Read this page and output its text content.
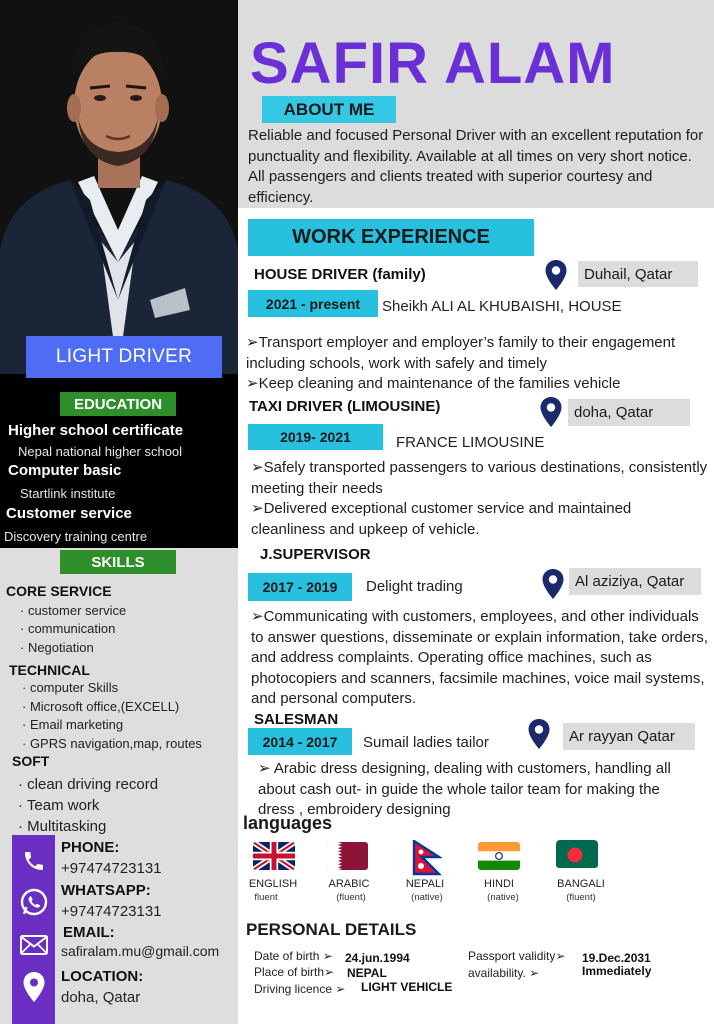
LIGHT DRIVER
EDUCATION
Higher school certificate
Nepal national higher school
Computer basic
Startlink institute
Customer service
Discovery training centre
SKILLS
CORE SERVICE
· customer service
· communication
· Negotiation
TECHNICAL
· computer Skills
· Microsoft office,(EXCELL)
· Email marketing
· GPRS navigation,map, routes
SOFT
· clean driving record
· Team work
· Multitasking
PHONE:
+97474723131
WHATSAPP:
+97474723131
EMAIL:
safiralam.mu@gmail.com
LOCATION:
doha, Qatar
SAFIR ALAM
ABOUT ME
Reliable and focused Personal Driver with an excellent reputation for punctuality and flexibility. Available at all times on very short notice. All passengers and clients treated with superior courtesy and efficiency.
WORK EXPERIENCE
HOUSE DRIVER (family)	Duhail, Qatar
2021 - present	Sheikh ALI AL KHUBAISHI, HOUSE
➢Transport employer and employer’s family to their engagement including schools, work with safely and timely
➢Keep cleaning and maintenance of the families vehicle
TAXI DRIVER (LIMOUSINE)	doha, Qatar
2019- 2021	FRANCE LIMOUSINE
➢Safely transported passengers to various destinations, consistently meeting their needs
➢Delivered exceptional customer service and maintained cleanliness and upkeep of vehicle.
J.SUPERVISOR
Al aziziya, Qatar
2017 - 2019	Delight trading
➢Communicating with customers, employees, and other individuals to answer questions, disseminate or explain information, take orders, and address complaints. Operating office machines, such as photocopiers and scanners, facsimile machines, voice mail systems, and personal computers.
SALESMAN
Ar rayyan Qatar
2014 - 2017	Sumail ladies tailor
➢ Arabic dress designing, dealing with customers, handling all about cash out- in guide the whole tailor team for making the dress , embroidery designing
languages
ENGLISH
fluent
ARABIC
(fluent)
NEPALI
(native)
HINDI
(native)
BANGALI
(fluent)
PERSONAL DETAILS
Date of birth ➢ 24.jun.1994
Place of birth➢ NEPAL
Driving licence ➢ LIGHT VEHICLE
Passport validity➢ 19.Dec.2031
availability. ➢	Immediately
